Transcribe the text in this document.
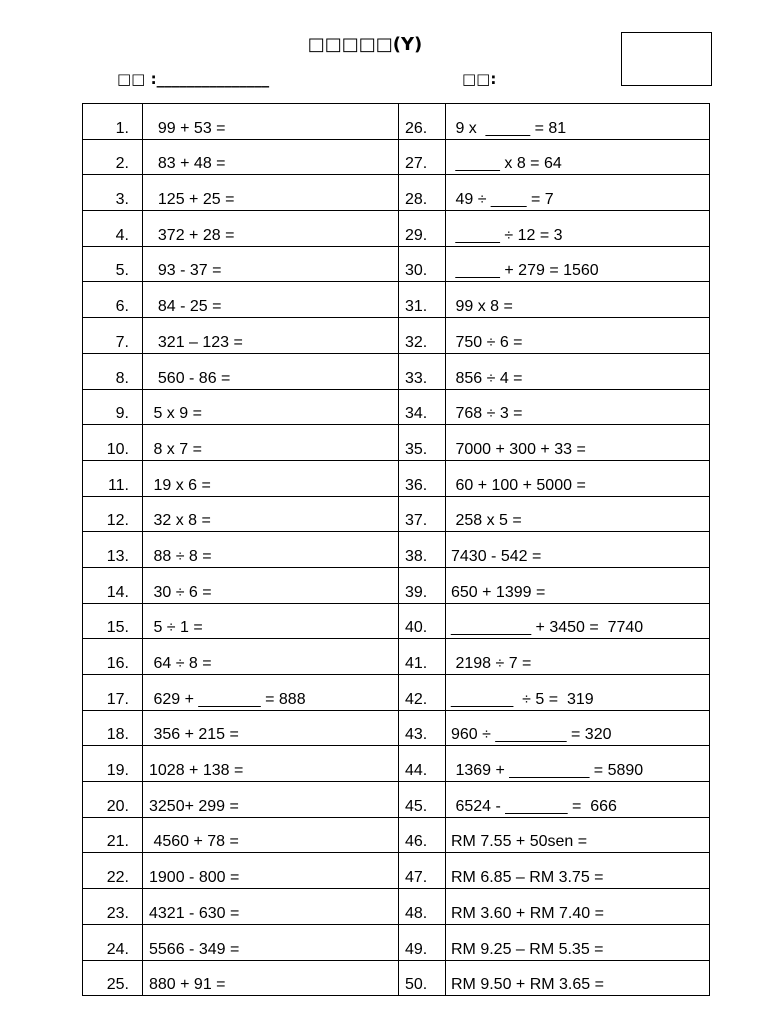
□□□□□(Y)
□□ :_______________	□□:
1.	99 + 53 =	26.	9 x  _____ = 81
2.	83 + 48 =	27.	_____ x 8 = 64
3.	125 + 25 =	28.	49 ÷ ____ = 7
4.	372 + 28 =	29.	_____ ÷ 12 = 3
5.	93 - 37 =	30.	_____ + 279 = 1560
6.	84 - 25 =	31.	99 x 8 =
7.	321 – 123 =	32.	750 ÷ 6 =
8.	560 - 86 =	33.	856 ÷ 4 =
9.	5 x 9 =	34.	768 ÷ 3 =
10.	8 x 7 =	35.	7000 + 300 + 33 =
11.	19 x 6 =	36.	60 + 100 + 5000 =
12.	32 x 8 =	37.	258 x 5 =
13.	88 ÷ 8 =	38.	7430 - 542 =
14.	30 ÷ 6 =	39.	650 + 1399 =
15.	5 ÷ 1 =	40.	_________ + 3450 =  7740
16.	64 ÷ 8 =	41.	2198 ÷ 7 =
17.	629 + _______ = 888	42.	_______  ÷ 5 =  319
18.	356 + 215 =	43.	960 ÷ ________ = 320
19.	1028 + 138 =	44.	1369 + _________ = 5890
20.	3250+ 299 =	45.	6524 - _______ =  666
21.	4560 + 78 =	46.	RM 7.55 + 50sen =
22.	1900 - 800 =	47.	RM 6.85 – RM 3.75 =
23.	4321 - 630 =	48.	RM 3.60 + RM 7.40 =
24.	5566 - 349 =	49.	RM 9.25 – RM 5.35 =
25.	880 + 91 =	50.	RM 9.50 + RM 3.65 =
